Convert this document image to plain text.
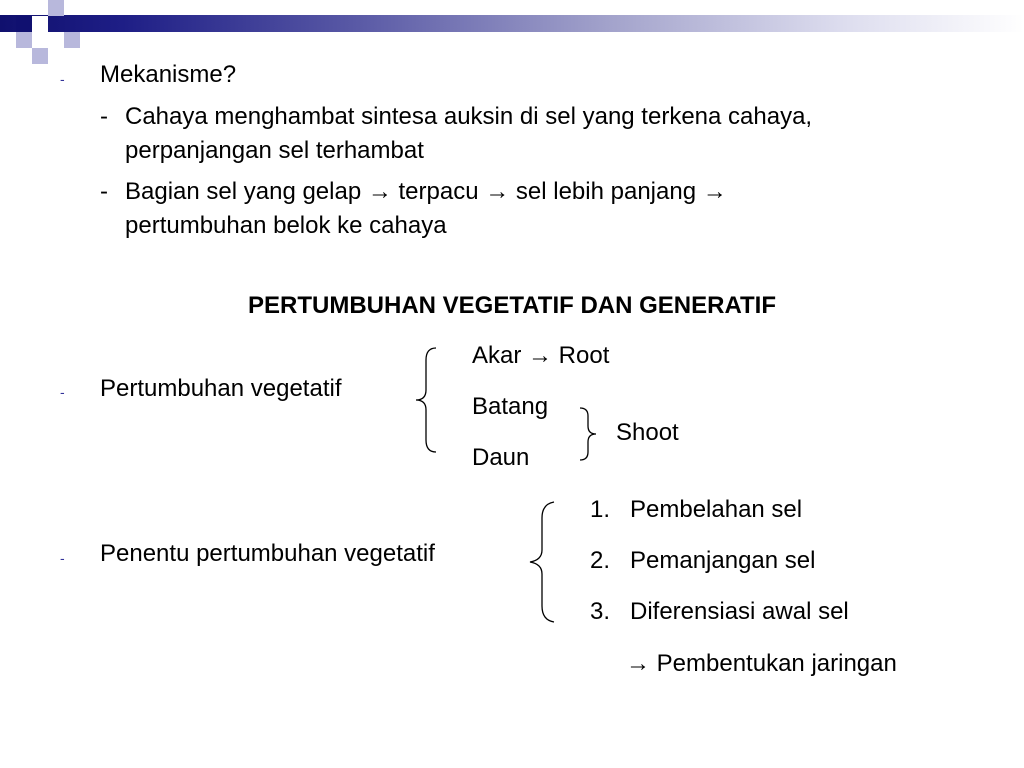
- Mekanisme?
- Cahaya menghambat sintesa auksin di sel yang terkena cahaya,
perpanjangan sel terhambat
- Bagian sel yang gelap → terpacu → sel lebih panjang →
pertumbuhan belok ke cahaya
PERTUMBUHAN VEGETATIF DAN GENERATIF
- Pertumbuhan vegetatif
Akar → Root
Batang
Daun
Shoot
- Penentu pertumbuhan vegetatif
1. Pembelahan sel
2. Pemanjangan sel
3. Diferensiasi awal sel
→ Pembentukan jaringan
